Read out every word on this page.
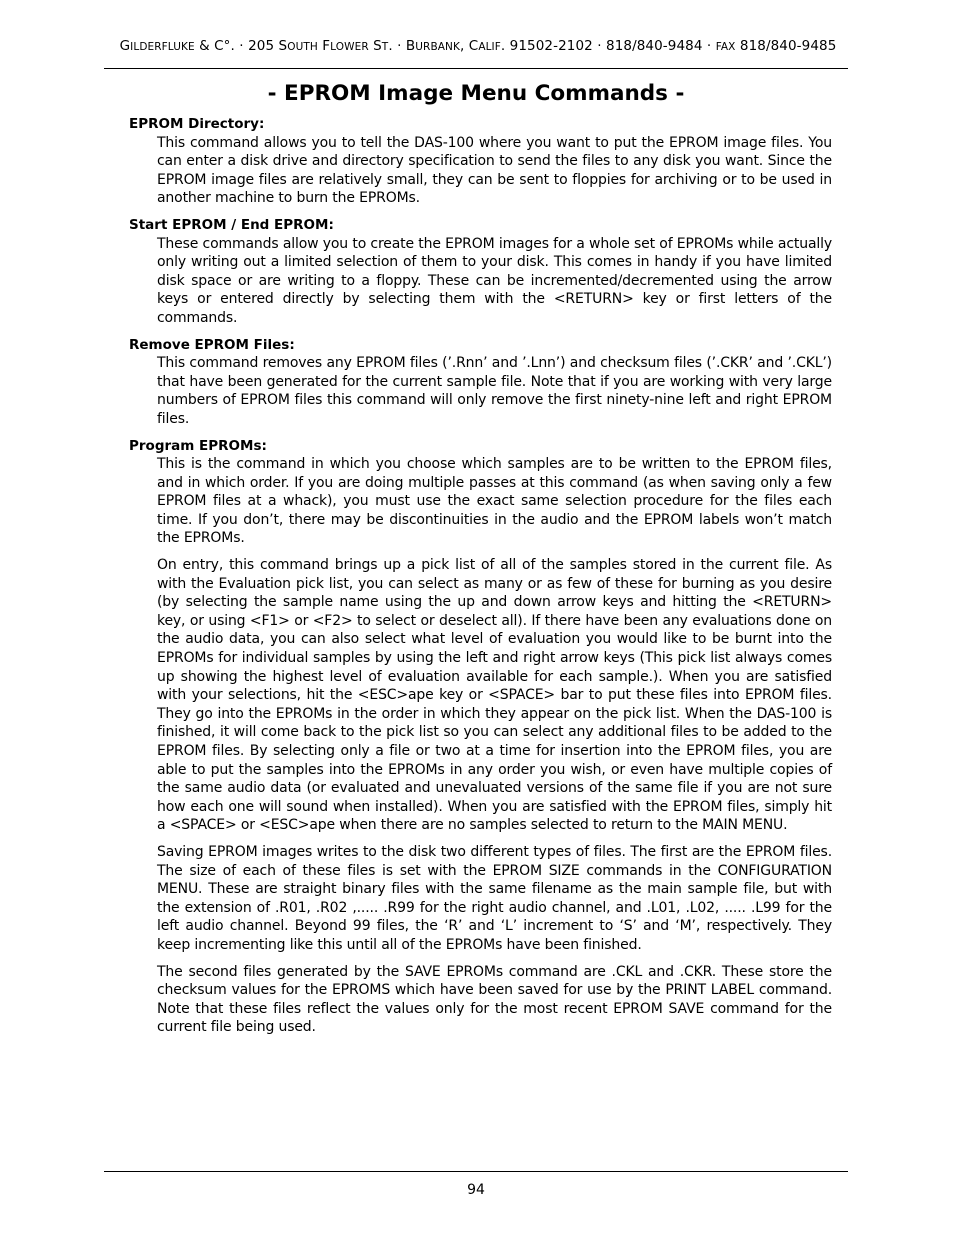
GILDERFLUKE & C°. · 205 SOUTH FLOWER ST. · BURBANK, CALIF. 91502-2102 · 818/840-9484 · FAX 818/840-9485
- EPROM Image Menu Commands -
EPROM Directory:

This command allows you to tell the DAS-100 where you want to put the EPROM image files. You can enter a disk drive and directory specification to send the files to any disk you want. Since the EPROM image files are relatively small, they can be sent to floppies for archiving or to be used in another machine to burn the EPROMs.

Start EPROM / End EPROM:

These commands allow you to create the EPROM images for a whole set of EPROMs while actually only writing out a limited selection of them to your disk. This comes in handy if you have limited disk space or are writing to a floppy. These can be incremented/decremented using the arrow keys or entered directly by selecting them with the <RETURN> key or first letters of the commands.

Remove EPROM Files:

This command removes any EPROM files (’.Rnn’ and ’.Lnn’) and checksum files (’.CKR’ and ’.CKL’) that have been generated for the current sample file. Note that if you are working with very large numbers of EPROM files this command will only remove the first ninety-nine left and right EPROM files.

Program EPROMs:

This is the command in which you choose which samples are to be written to the EPROM files, and in which order. If you are doing multiple passes at this command (as when saving only a few EPROM files at a whack), you must use the exact same selection procedure for the files each time. If you don’t, there may be discontinuities in the audio and the EPROM labels won’t match the EPROMs.

On entry, this command brings up a pick list of all of the samples stored in the current file. As with the Evaluation pick list, you can select as many or as few of these for burning as you desire (by selecting the sample name using the up and down arrow keys and hitting the <RETURN> key, or using <F1> or <F2> to select or deselect all). If there have been any evaluations done on the audio data, you can also select what level of evaluation you would like to be burnt into the EPROMs for individual samples by using the left and right arrow keys (This pick list always comes up showing the highest level of evaluation available for each sample.). When you are satisfied with your selections, hit the <ESC>ape key or <SPACE> bar to put these files into EPROM files. They go into the EPROMs in the order in which they appear on the pick list. When the DAS-100 is finished, it will come back to the pick list so you can select any additional files to be added to the EPROM files. By selecting only a file or two at a time for insertion into the EPROM files, you are able to put the samples into the EPROMs in any order you wish, or even have multiple copies of the same audio data (or evaluated and unevaluated versions of the same file if you are not sure how each one will sound when installed). When you are satisfied with the EPROM files, simply hit a <SPACE> or <ESC>ape when there are no samples selected to return to the MAIN MENU.

Saving EPROM images writes to the disk two different types of files. The first are the EPROM files. The size of each of these files is set with the EPROM SIZE commands in the CONFIGURATION MENU. These are straight binary files with the same filename as the main sample file, but with the extension of .R01, .R02 ,..... .R99 for the right audio channel, and .L01, .L02, ..... .L99 for the left audio channel. Beyond 99 files, the ‘R’ and ‘L’ increment to ‘S’ and ‘M’, respectively. They keep incrementing like this until all of the EPROMs have been finished.

The second files generated by the SAVE EPROMs command are .CKL and .CKR. These store the checksum values for the EPROMS which have been saved for use by the PRINT LABEL command. Note that these files reflect the values only for the most recent EPROM SAVE command for the current file being used.

94
